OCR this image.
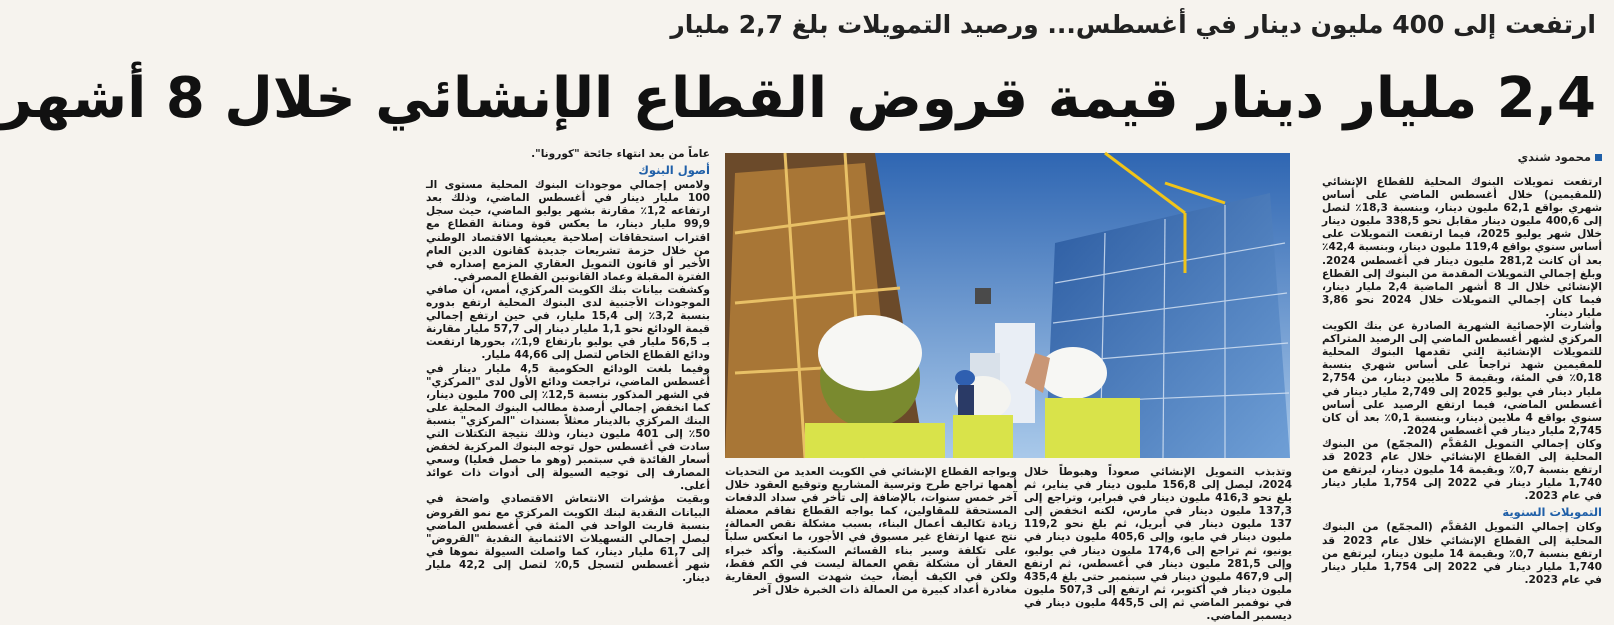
ارتفعت إلى 400 مليون دينار في أغسطس... ورصيد التمويلات بلغ 2,7 مليار
2,4 مليار دينار قيمة قروض القطاع الإنشائي خلال 8 أشهر
محمود شندي

ارتفعت تمويلات البنوك المحلية للقطاع الإنشائي (للمقيمين) خلال أغسطس الماضي على أساس شهري بواقع 62,1 مليون دينار، وبنسبة 18,3٪ لتصل إلى 400,6 مليون دينار مقابل نحو 338,5 مليون دينار خلال شهر يوليو 2025، فيما ارتفعت التمويلات على أساس سنوي بواقع 119,4 مليون دينار، وبنسبة 42,4٪ بعد أن كانت 281,2 مليون دينار في أغسطس 2024. وبلغ إجمالي التمويلات المقدمة من البنوك إلى القطاع الإنشائي خلال الـ 8 أشهر الماضية 2,4 مليار دينار، فيما كان إجمالي التمويلات خلال 2024 نحو 3,86 مليار دينار.

وأشارت الإحصائية الشهرية الصادرة عن بنك الكويت المركزي لشهر أغسطس الماضي إلى الرصيد المتراكم للتمويلات الإنشائية التي تقدمها البنوك المحلية للمقيمين شهد تراجعاً على أساس شهري بنسبة 0,18٪ في المئة، وبقيمة 5 ملايين دينار، من 2,754 مليار دينار في يوليو 2025 إلى 2,749 مليار دينار في أغسطس الماضي، فيما ارتفع الرصيد على أساس سنوي بواقع 4 ملايين دينار، وبنسبة 0,1٪ بعد أن كان 2,745 مليار دينار في أغسطس 2024.

وكان إجمالي التمويل المُقدَّم (المجمّع) من البنوك المحلية إلى القطاع الإنشائي خلال عام 2023 قد ارتفع بنسبة 0,7٪ وبقيمة 14 مليون دينار، ليرتفع من 1,740 مليار دينار في 2022 إلى 1,754 مليار دينار في عام 2023.

التمويلات السنوية

وكان إجمالي التمويل المُقدَّم (المجمّع) من البنوك المحلية إلى القطاع الإنشائي خلال عام 2023 قد ارتفع بنسبة 0,7٪ وبقيمة 14 مليون دينار، ليرتفع من 1,740 مليار دينار في 2022 إلى 1,754 مليار دينار في عام 2023.

عاماً من بعد انتهاء جائحة "كورونا".

أصول البنوك

ولامس إجمالي موجودات البنوك المحلية مستوى الـ 100 مليار دينار في أغسطس الماضي، وذلك بعد ارتفاعه 1,2٪ مقارنة بشهر يوليو الماضي، حيث سجل 99,9 مليار دينار، ما يعكس قوة ومتانة القطاع مع اقتراب استحقاقات إصلاحية يعيشها الاقتصاد الوطني من خلال حزمة تشريعات جديدة كقانون الدين العام الأخير أو قانون التمويل العقاري المزمع إصداره في الفترة المقبلة وعماد القانونين القطاع المصرفي.

وكشفت بيانات بنك الكويت المركزي، أمس، أن صافي الموجودات الأجنبية لدى البنوك المحلية ارتفع بدوره بنسبة 3,2٪ إلى 15,4 مليار، في حين ارتفع إجمالي قيمة الودائع نحو 1,1 مليار دينار إلى 57,7 مليار مقارنة بـ 56,5 مليار في يوليو بارتفاع 1,9٪، بحورها ارتفعت ودائع القطاع الخاص لتصل إلى 44,66 مليار.

وفيما بلغت الودائع الحكومية 4,5 مليار دينار في أغسطس الماضي، تراجعت ودائع الأول لدى "المركزي" في الشهر المذكور بنسبة 12,5٪ إلى 700 مليون دينار، كما انخفض إجمالي أرصدة مطالب البنوك المحلية على البنك المركزي بالدينار معثلاً بسندات "المركزي" بنسبة 50٪ إلى 401 مليون دينار، وذلك نتيجة التكتلات التي سادت في أغسطس حول توجه البنوك المركزية لخفض أسعار الفائدة في سبتمبر (وهو ما حصل فعليا) وسعي المصارف إلى توجيه السيولة إلى أدوات ذات عوائد أعلى.

وبقيت مؤشرات الانتعاش الاقتصادي واضحة في البيانات النقدية لبنك الكويت المركزي مع نمو القروض بنسبة قاربت الواحد في المئة في أغسطس الماضي ليصل إجمالي التسهيلات الائتمانية النقدية "القروض" إلى 61,7 مليار دينار، كما واصلت السيولة نموها في شهر أغسطس لتسجل 0,5٪ لتصل إلى 42,2 مليار دينار.

وتذبذب التمويل الإنشائي صعوداً وهبوطاً خلال 2024، ليصل إلى 156,8 مليون دينار في يناير، ثم بلغ نحو 416,3 مليون دينار في فبراير، وتراجع إلى 137,3 مليون دينار في مارس، لكنه انخفض إلى 137 مليون دينار في أبريل، ثم بلغ نحو 119,2 مليون دينار في مايو، وإلى 405,6 مليون دينار في يونيو، ثم تراجع إلى 174,6 مليون دينار في يوليو، وإلى 281,5 مليون دينار في أغسطس، ثم ارتفع إلى 467,9 مليون دينار في سبتمبر حتى بلغ 435,4 مليون دينار في أكتوبر، ثم ارتفع إلى 507,3 مليون في نوفمبر الماضي ثم إلى 445,5 مليون دينار في ديسمبر الماضي.

ويواجه القطاع الإنشائي في الكويت العديد من التحديات أهمها تراجع طرح وترسية المشاريع وتوقيع العقود خلال آخر خمس سنوات، بالإضافة إلى تأخر في سداد الدفعات المستحقة للمقاولين، كما يواجه القطاع تفاقم معضلة زيادة تكاليف أعمال البناء، بسبب مشكلة نقص العمالة، نتج عنها ارتفاع غير مسبوق في الأجور، ما انعكس سلباً على تكلفة وسير بناء القسائم السكنية. وأكد خبراء العقار أن مشكلة نقص العمالة ليست في الكم فقط، ولكن في الكيف أيضاً، حيث شهدت السوق العقارية مغادرة أعداد كبيرة من العمالة ذات الخبرة خلال آخر
